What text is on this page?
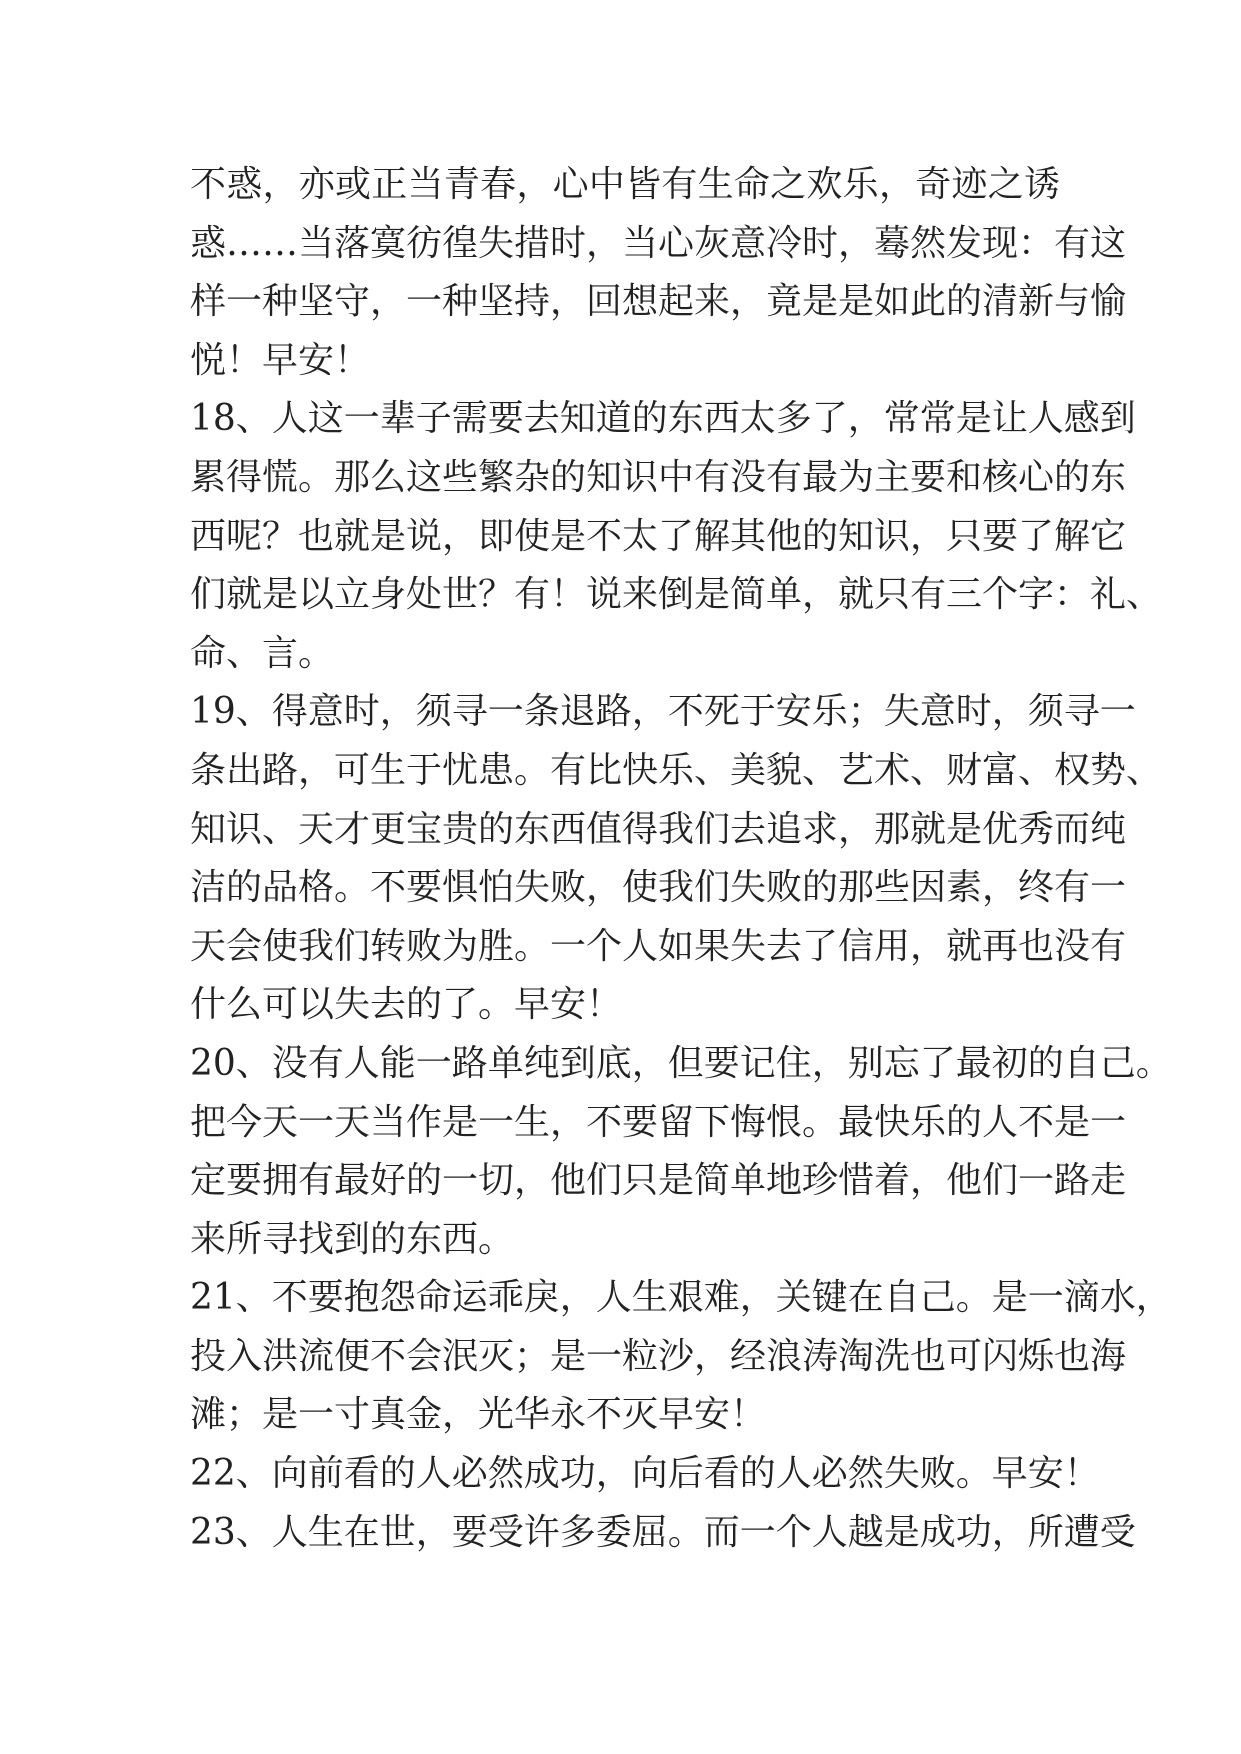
不惑，亦或正当青春，心中皆有生命之欢乐，奇迹之诱
惑……当落寞彷徨失措时，当心灰意冷时，蓦然发现：有这
样一种坚守，一种坚持，回想起来，竟是是如此的清新与愉
悦！早安！
18、人这一辈子需要去知道的东西太多了，常常是让人感到
累得慌。那么这些繁杂的知识中有没有最为主要和核心的东
西呢？也就是说，即使是不太了解其他的知识，只要了解它
们就是以立身处世？有！说来倒是简单，就只有三个字：礼、
命、言。
19、得意时，须寻一条退路，不死于安乐；失意时，须寻一
条出路，可生于忧患。有比快乐、美貌、艺术、财富、权势、
知识、天才更宝贵的东西值得我们去追求，那就是优秀而纯
洁的品格。不要惧怕失败，使我们失败的那些因素，终有一
天会使我们转败为胜。一个人如果失去了信用，就再也没有
什么可以失去的了。早安！
20、没有人能一路单纯到底，但要记住，别忘了最初的自己。
把今天一天当作是一生，不要留下悔恨。最快乐的人不是一
定要拥有最好的一切，他们只是简单地珍惜着，他们一路走
来所寻找到的东西。
21、不要抱怨命运乖戾，人生艰难，关键在自己。是一滴水，
投入洪流便不会泯灭；是一粒沙，经浪涛淘洗也可闪烁也海
滩；是一寸真金，光华永不灭早安！
22、向前看的人必然成功，向后看的人必然失败。早安！
23、人生在世，要受许多委屈。而一个人越是成功，所遭受
